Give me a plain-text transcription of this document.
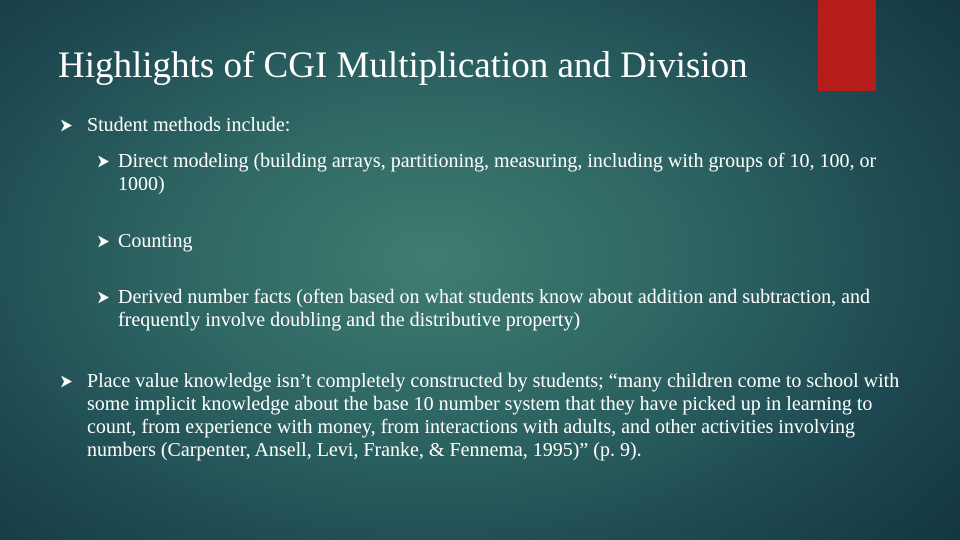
Highlights of CGI Multiplication and Division
Student methods include:
Direct modeling (building arrays, partitioning, measuring, including with groups of 10, 100, or 1000)
Counting
Derived number facts (often based on what students know about addition and subtraction, and frequently involve doubling and the distributive property)
Place value knowledge isn’t completely constructed by students; “many children come to school with some implicit knowledge about the base 10 number system that they have picked up in learning to count, from experience with money, from interactions with adults, and other activities involving numbers (Carpenter, Ansell, Levi, Franke, & Fennema, 1995)” (p. 9).
